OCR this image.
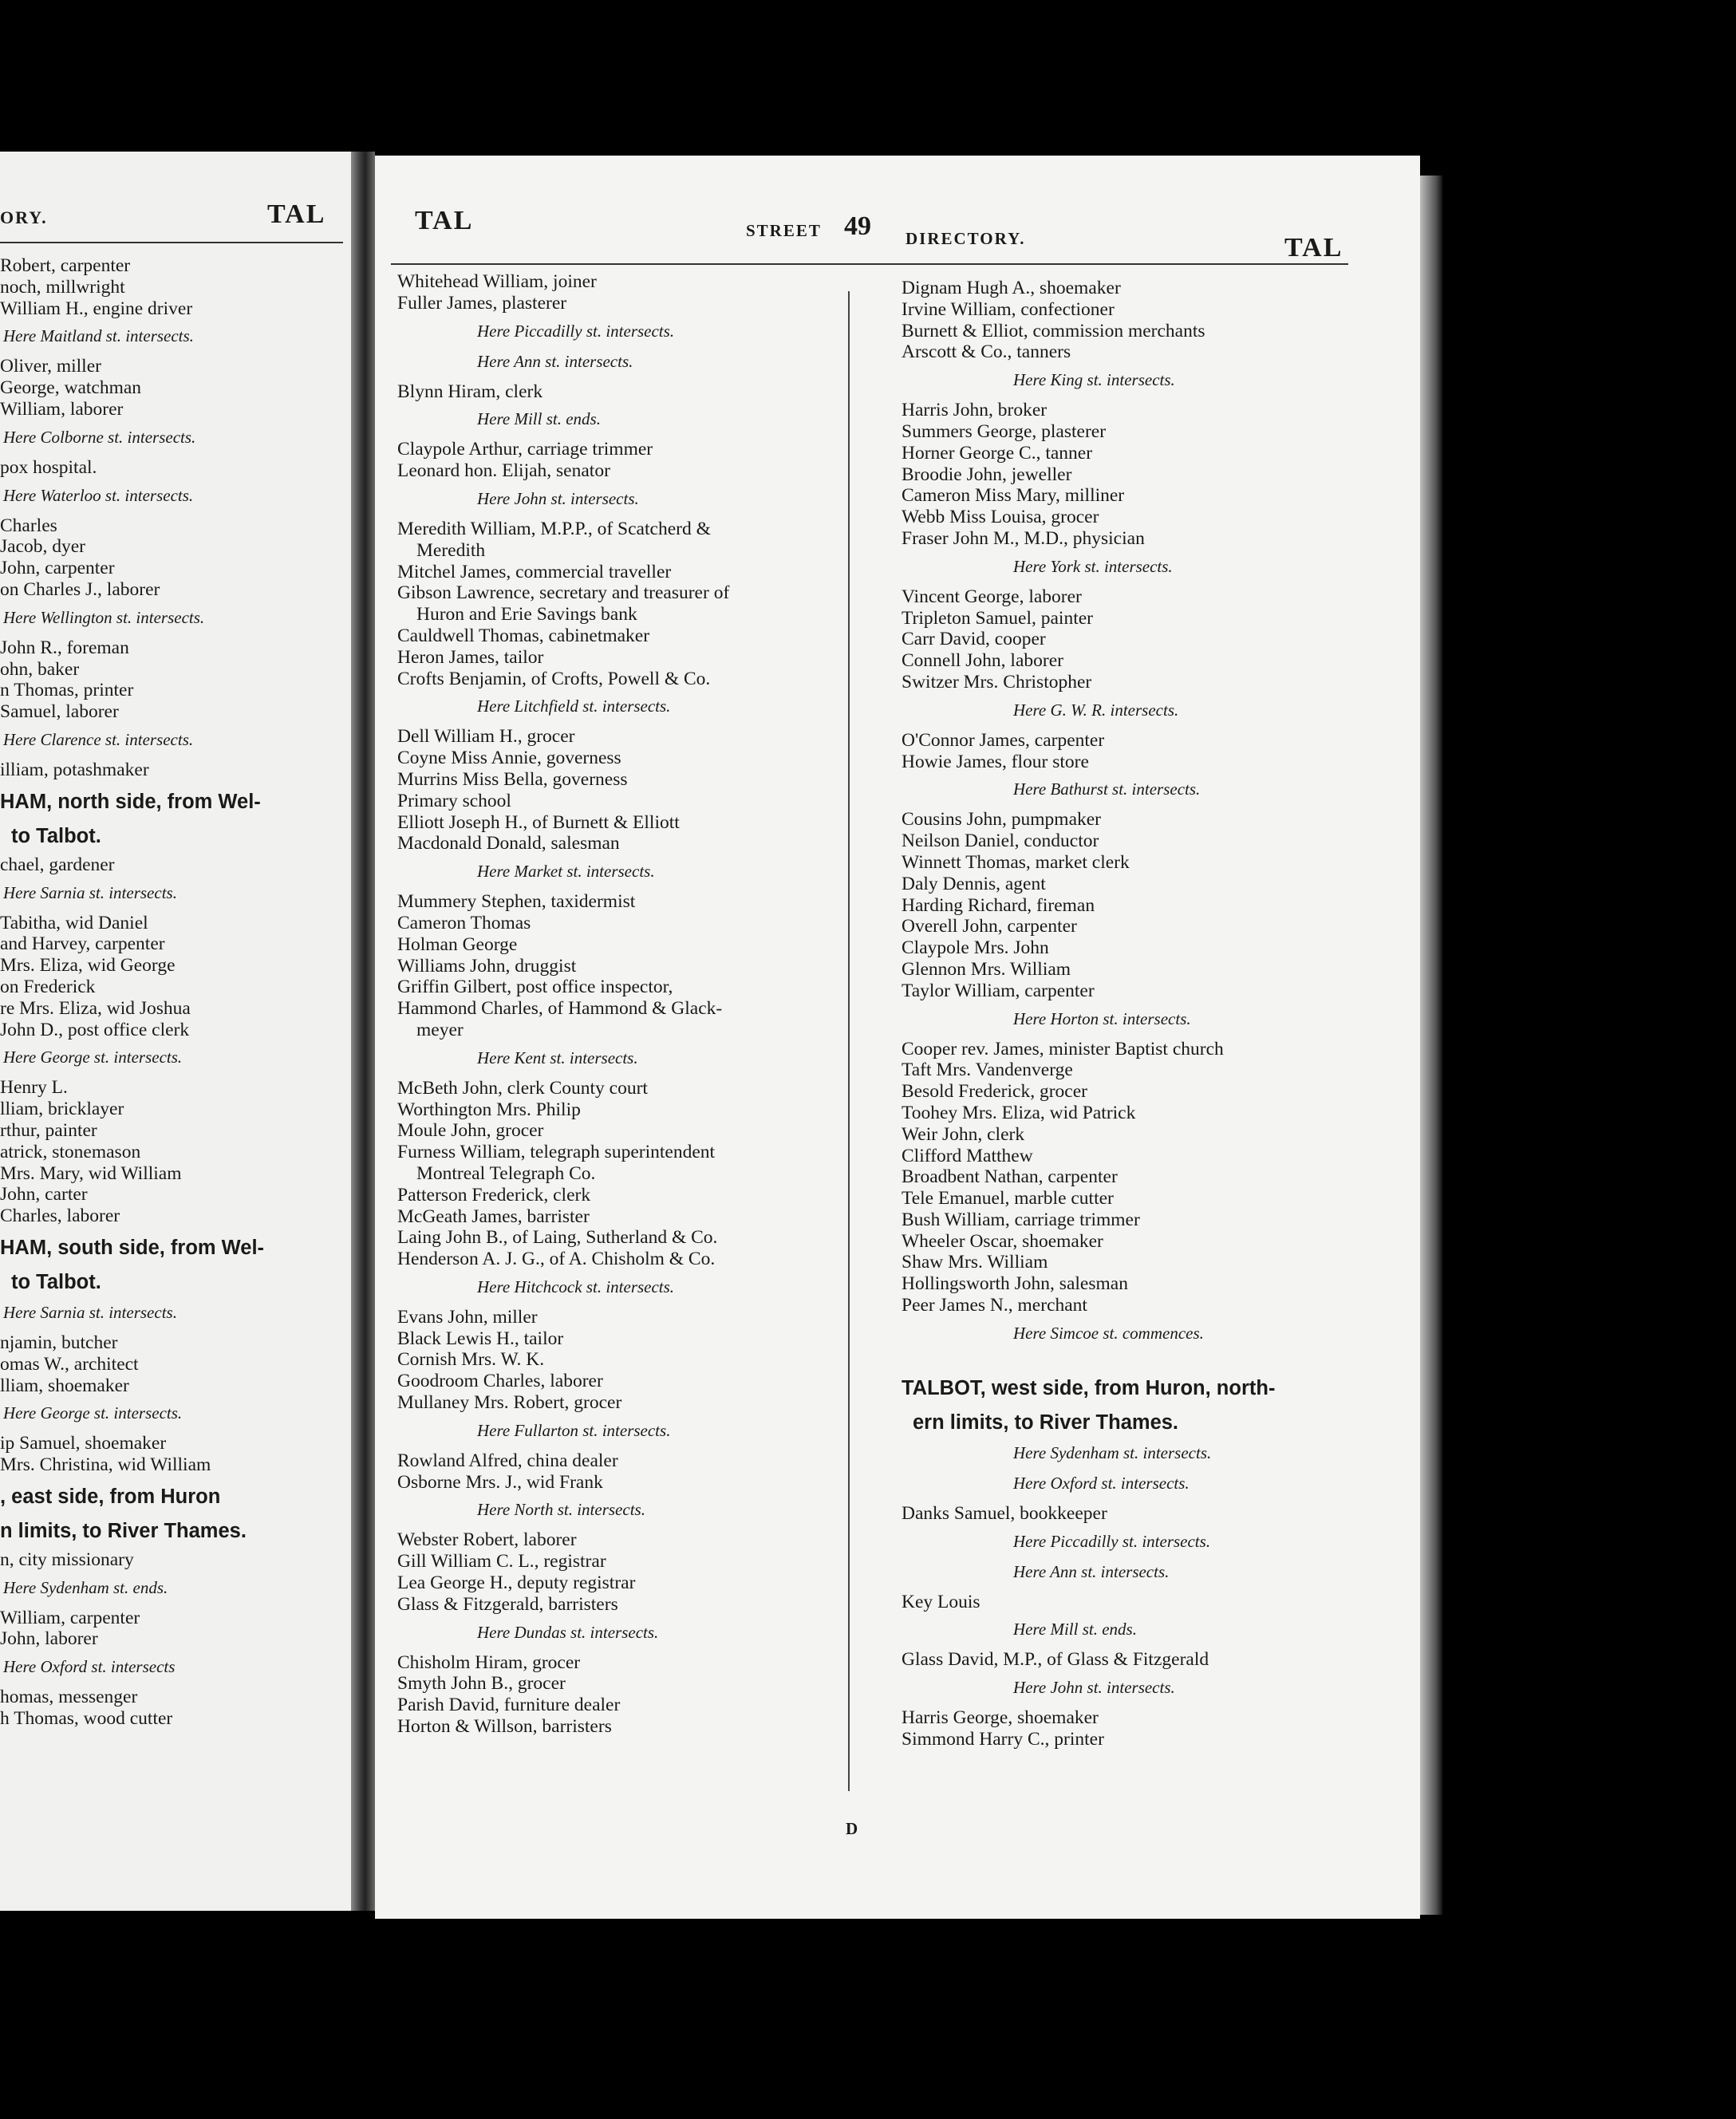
ORY.	TAL
Robert, carpenter
noch, millwright
William H., engine driver
Here Maitland st. intersects.
Oliver, miller
George, watchman
William, laborer
Here Colborne st. intersects.
pox hospital.
Here Waterloo st. intersects.
Charles
Jacob, dyer
John, carpenter
on Charles J., laborer
Here Wellington st. intersects.
John R., foreman
ohn, baker
n Thomas, printer
Samuel, laborer
Here Clarence st. intersects.
illiam, potashmaker
HAM, north side, from Wel-
to Talbot.
chael, gardener
Here Sarnia st. intersects.
Tabitha, wid Daniel
and Harvey, carpenter
Mrs. Eliza, wid George
on Frederick
re Mrs. Eliza, wid Joshua
John D., post office clerk
Here George st. intersects.
Henry L.
lliam, bricklayer
rthur, painter
atrick, stonemason
Mrs. Mary, wid William
John, carter
Charles, laborer
HAM, south side, from Wel-
to Talbot.
Here Sarnia st. intersects.
njamin, butcher
omas W., architect
lliam, shoemaker
Here George st. intersects.
ip Samuel, shoemaker
Mrs. Christina, wid William
, east side, from Huron
n limits, to River Thames.
n, city missionary
Here Sydenham st. ends.
William, carpenter
John, laborer
Here Oxford st. intersects
homas, messenger
h Thomas, wood cutter
TAL	STREET 49 DIRECTORY.	TAL
Whitehead William, joiner
Fuller James, plasterer
Here Piccadilly st. intersects.
Here Ann st. intersects.
Blynn Hiram, clerk
Here Mill st. ends.
Claypole Arthur, carriage trimmer
Leonard hon. Elijah, senator
Here John st. intersects.
Meredith William, M.P.P., of Scatcherd &
Meredith
Mitchel James, commercial traveller
Gibson Lawrence, secretary and treasurer of
Huron and Erie Savings bank
Cauldwell Thomas, cabinetmaker
Heron James, tailor
Crofts Benjamin, of Crofts, Powell & Co.
Here Litchfield st. intersects.
Dell William H., grocer
Coyne Miss Annie, governess
Murrins Miss Bella, governess
Primary school
Elliott Joseph H., of Burnett & Elliott
Macdonald Donald, salesman
Here Market st. intersects.
Mummery Stephen, taxidermist
Cameron Thomas
Holman George
Williams John, druggist
Griffin Gilbert, post office inspector,
Hammond Charles, of Hammond & Glack-
meyer
Here Kent st. intersects.
McBeth John, clerk County court
Worthington Mrs. Philip
Moule John, grocer
Furness William, telegraph superintendent
Montreal Telegraph Co.
Patterson Frederick, clerk
McGeath James, barrister
Laing John B., of Laing, Sutherland & Co.
Henderson A. J. G., of A. Chisholm & Co.
Here Hitchcock st. intersects.
Evans John, miller
Black Lewis H., tailor
Cornish Mrs. W. K.
Goodroom Charles, laborer
Mullaney Mrs. Robert, grocer
Here Fullarton st. intersects.
Rowland Alfred, china dealer
Osborne Mrs. J., wid Frank
Here North st. intersects.
Webster Robert, laborer
Gill William C. L., registrar
Lea George H., deputy registrar
Glass & Fitzgerald, barristers
Here Dundas st. intersects.
Chisholm Hiram, grocer
Smyth John B., grocer
Parish David, furniture dealer
Horton & Willson, barristers
Dignam Hugh A., shoemaker
Irvine William, confectioner
Burnett & Elliot, commission merchants
Arscott & Co., tanners
Here King st. intersects.
Harris John, broker
Summers George, plasterer
Horner George C., tanner
Broodie John, jeweller
Cameron Miss Mary, milliner
Webb Miss Louisa, grocer
Fraser John M., M.D., physician
Here York st. intersects.
Vincent George, laborer
Tripleton Samuel, painter
Carr David, cooper
Connell John, laborer
Switzer Mrs. Christopher
Here G. W. R. intersects.
O'Connor James, carpenter
Howie James, flour store
Here Bathurst st. intersects.
Cousins John, pumpmaker
Neilson Daniel, conductor
Winnett Thomas, market clerk
Daly Dennis, agent
Harding Richard, fireman
Overell John, carpenter
Claypole Mrs. John
Glennon Mrs. William
Taylor William, carpenter
Here Horton st. intersects.
Cooper rev. James, minister Baptist church
Taft Mrs. Vandenverge
Besold Frederick, grocer
Toohey Mrs. Eliza, wid Patrick
Weir John, clerk
Clifford Matthew
Broadbent Nathan, carpenter
Tele Emanuel, marble cutter
Bush William, carriage trimmer
Wheeler Oscar, shoemaker
Shaw Mrs. William
Hollingsworth John, salesman
Peer James N., merchant
Here Simcoe st. commences.
TALBOT, west side, from Huron, north-
ern limits, to River Thames.
Here Sydenham st. intersects.
Here Oxford st. intersects.
Danks Samuel, bookkeeper
Here Piccadilly st. intersects.
Here Ann st. intersects.
Key Louis
Here Mill st. ends.
Glass David, M.P., of Glass & Fitzgerald
Here John st. intersects.
Harris George, shoemaker
Simmond Harry C., printer
D
